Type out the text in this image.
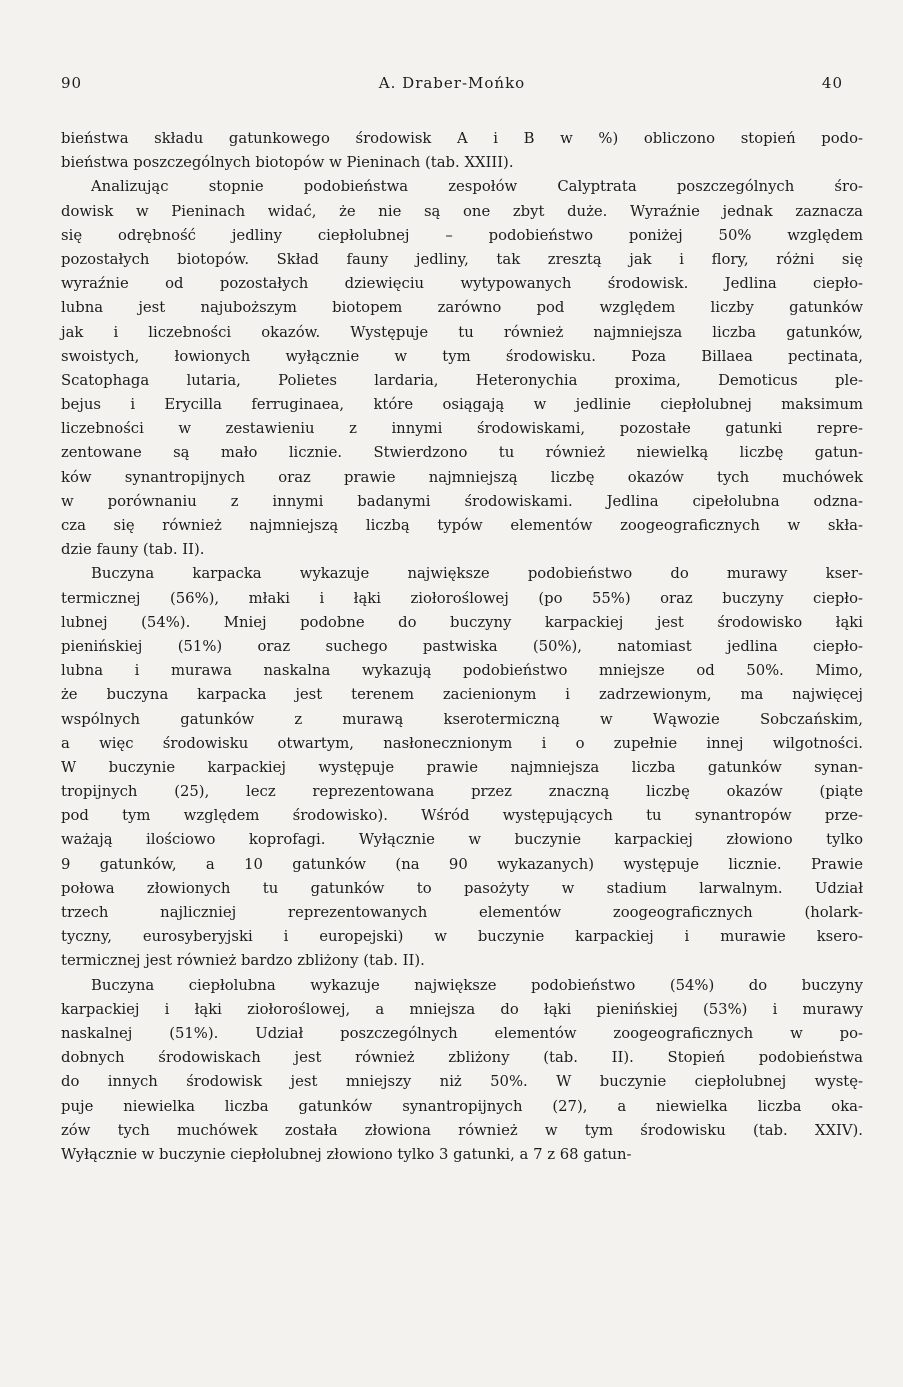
90	A. Draber-Mońko	40
bieństwa składu gatunkowego środowisk A i B w %) obliczono stopień podo-
bieństwa poszczególnych biotopów w Pieninach (tab. XXIII).
Analizując stopnie podobieństwa zespołów Calyptrata poszczególnych śro-
dowisk w Pieninach widać, że nie są one zbyt duże. Wyraźnie jednak zaznacza
się odrębność jedliny ciepłolubnej – podobieństwo poniżej 50% względem
pozostałych biotopów. Skład fauny jedliny, tak zresztą jak i flory, różni się
wyraźnie od pozostałych dziewięciu wytypowanych środowisk. Jedlina ciepło-
lubna jest najuboższym biotopem zarówno pod względem liczby gatunków
jak i liczebności okazów. Występuje tu również najmniejsza liczba gatunków,
swoistych, łowionych wyłącznie w tym środowisku. Poza Billaea pectinata,
Scatophaga lutaria, Polietes lardaria, Heteronychia proxima, Demoticus ple-
bejus i Erycilla ferruginaea, które osiągają w jedlinie ciepłolubnej maksimum
liczebności w zestawieniu z innymi środowiskami, pozostałe gatunki repre-
zentowane są mało licznie. Stwierdzono tu również niewielką liczbę gatun-
ków synantropijnych oraz prawie najmniejszą liczbę okazów tych muchówek
w porównaniu z innymi badanymi środowiskami. Jedlina cipełolubna odzna-
cza się również najmniejszą liczbą typów elementów zoogeograficznych w skła-
dzie fauny (tab. II).
Buczyna karpacka wykazuje największe podobieństwo do murawy kser-
termicznej (56%), młaki i łąki ziołoroślowej (po 55%) oraz buczyny ciepło-
lubnej (54%). Mniej podobne do buczyny karpackiej jest środowisko łąki
pienińskiej (51%) oraz suchego pastwiska (50%), natomiast jedlina ciepło-
lubna i murawa naskalna wykazują podobieństwo mniejsze od 50%. Mimo,
że buczyna karpacka jest terenem zacienionym i zadrzewionym, ma najwięcej
wspólnych gatunków z murawą kserotermiczną w Wąwozie Sobczańskim,
a więc środowisku otwartym, nasłonecznionym i o zupełnie innej wilgotności.
W buczynie karpackiej występuje prawie najmniejsza liczba gatunków synan-
tropijnych (25), lecz reprezentowana przez znaczną liczbę okazów (piąte
pod tym względem środowisko). Wśród występujących tu synantropów prze-
ważają ilościowo koprofagi. Wyłącznie w buczynie karpackiej złowiono tylko
9 gatunków, a 10 gatunków (na 90 wykazanych) występuje licznie. Prawie
połowa złowionych tu gatunków to pasożyty w stadium larwalnym. Udział
trzech najliczniej reprezentowanych elementów zoogeograficznych (holark-
tyczny, eurosyberyjski i europejski) w buczynie karpackiej i murawie ksero-
termicznej jest również bardzo zbliżony (tab. II).
Buczyna ciepłolubna wykazuje największe podobieństwo (54%) do buczyny
karpackiej i łąki ziołoroślowej, a mniejsza do łąki pienińskiej (53%) i murawy
naskalnej (51%). Udział poszczególnych elementów zoogeograficznych w po-
dobnych środowiskach jest również zbliżony (tab. II). Stopień podobieństwa
do innych środowisk jest mniejszy niż 50%. W buczynie ciepłolubnej wystę-
puje niewielka liczba gatunków synantropijnych (27), a niewielka liczba oka-
zów tych muchówek została złowiona również w tym środowisku (tab. XXIV).
Wyłącznie w buczynie ciepłolubnej złowiono tylko 3 gatunki, a 7 z 68 gatun-
